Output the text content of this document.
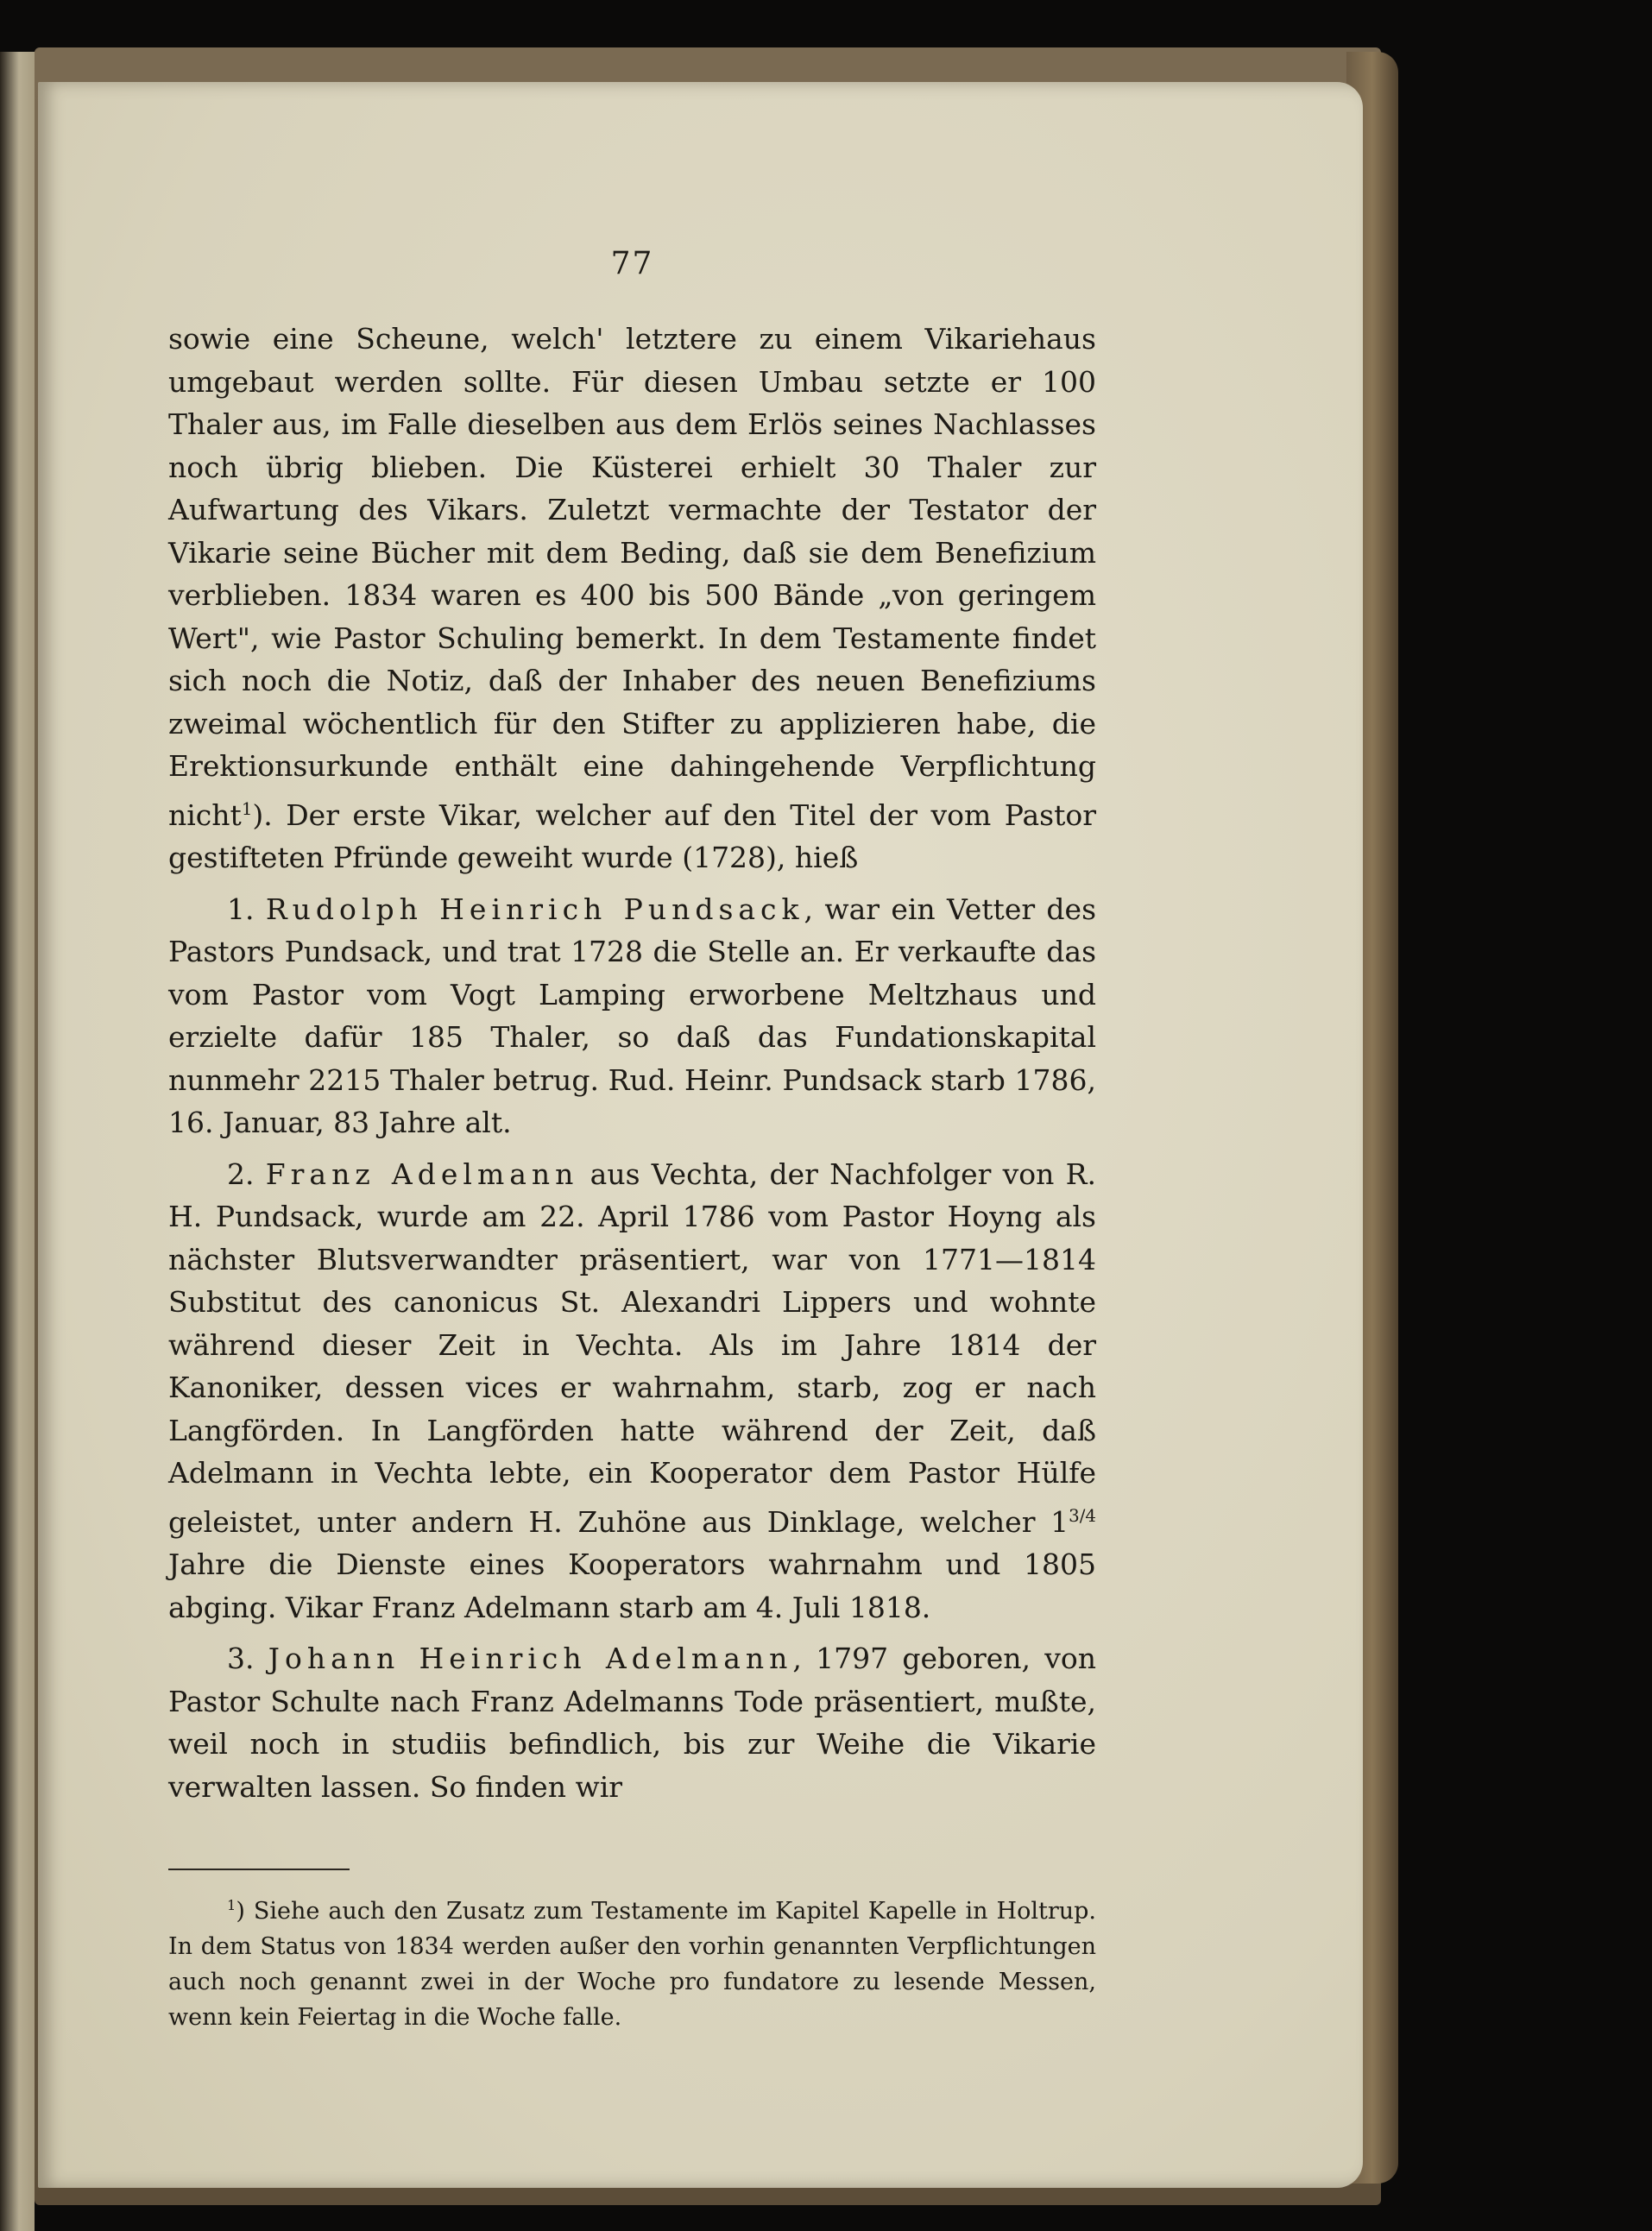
77

sowie eine Scheune, welch' letztere zu einem Vikariehaus umgebaut werden sollte. Für diesen Umbau setzte er 100 Thaler aus, im Falle dieselben aus dem Erlös seines Nachlasses noch übrig blieben. Die Küsterei erhielt 30 Thaler zur Aufwartung des Vikars. Zuletzt vermachte der Testator der Vikarie seine Bücher mit dem Beding, daß sie dem Benefizium verblieben. 1834 waren es 400 bis 500 Bände „von geringem Wert", wie Pastor Schuling bemerkt. In dem Testamente findet sich noch die Notiz, daß der Inhaber des neuen Benefiziums zweimal wöchentlich für den Stifter zu applizieren habe, die Erektionsurkunde enthält eine dahingehende Verpflichtung nicht$^1$). Der erste Vikar, welcher auf den Titel der vom Pastor gestifteten Pfründe geweiht wurde (1728), hieß

1. Rudolph Heinrich Pundsack, war ein Vetter des Pastors Pundsack, und trat 1728 die Stelle an. Er verkaufte das vom Pastor vom Vogt Lamping erworbene Meltzhaus und erzielte dafür 185 Thaler, so daß das Fundationskapital nunmehr 2215 Thaler betrug. Rud. Heinr. Pundsack starb 1786, 16. Januar, 83 Jahre alt.

2. Franz Adelmann aus Vechta, der Nachfolger von R. H. Pundsack, wurde am 22. April 1786 vom Pastor Hoyng als nächster Blutsverwandter präsentiert, war von 1771—1814 Substitut des canonicus St. Alexandri Lippers und wohnte während dieser Zeit in Vechta. Als im Jahre 1814 der Kanoniker, dessen vices er wahrnahm, starb, zog er nach Langförden. In Langförden hatte während der Zeit, daß Adelmann in Vechta lebte, ein Kooperator dem Pastor Hülfe geleistet, unter andern H. Zuhöne aus Dinklage, welcher $1^{3/4}$ Jahre die Dienste eines Kooperators wahrnahm und 1805 abging. Vikar Franz Adelmann starb am 4. Juli 1818.

3. Johann Heinrich Adelmann, 1797 geboren, von Pastor Schulte nach Franz Adelmanns Tode präsentiert, mußte, weil noch in studiis befindlich, bis zur Weihe die Vikarie verwalten lassen. So finden wir

$^1$) Siehe auch den Zusatz zum Testamente im Kapitel Kapelle in Holtrup. In dem Status von 1834 werden außer den vorhin genannten Verpflichtungen auch noch genannt zwei in der Woche pro fundatore zu lesende Messen, wenn kein Feiertag in die Woche falle.
